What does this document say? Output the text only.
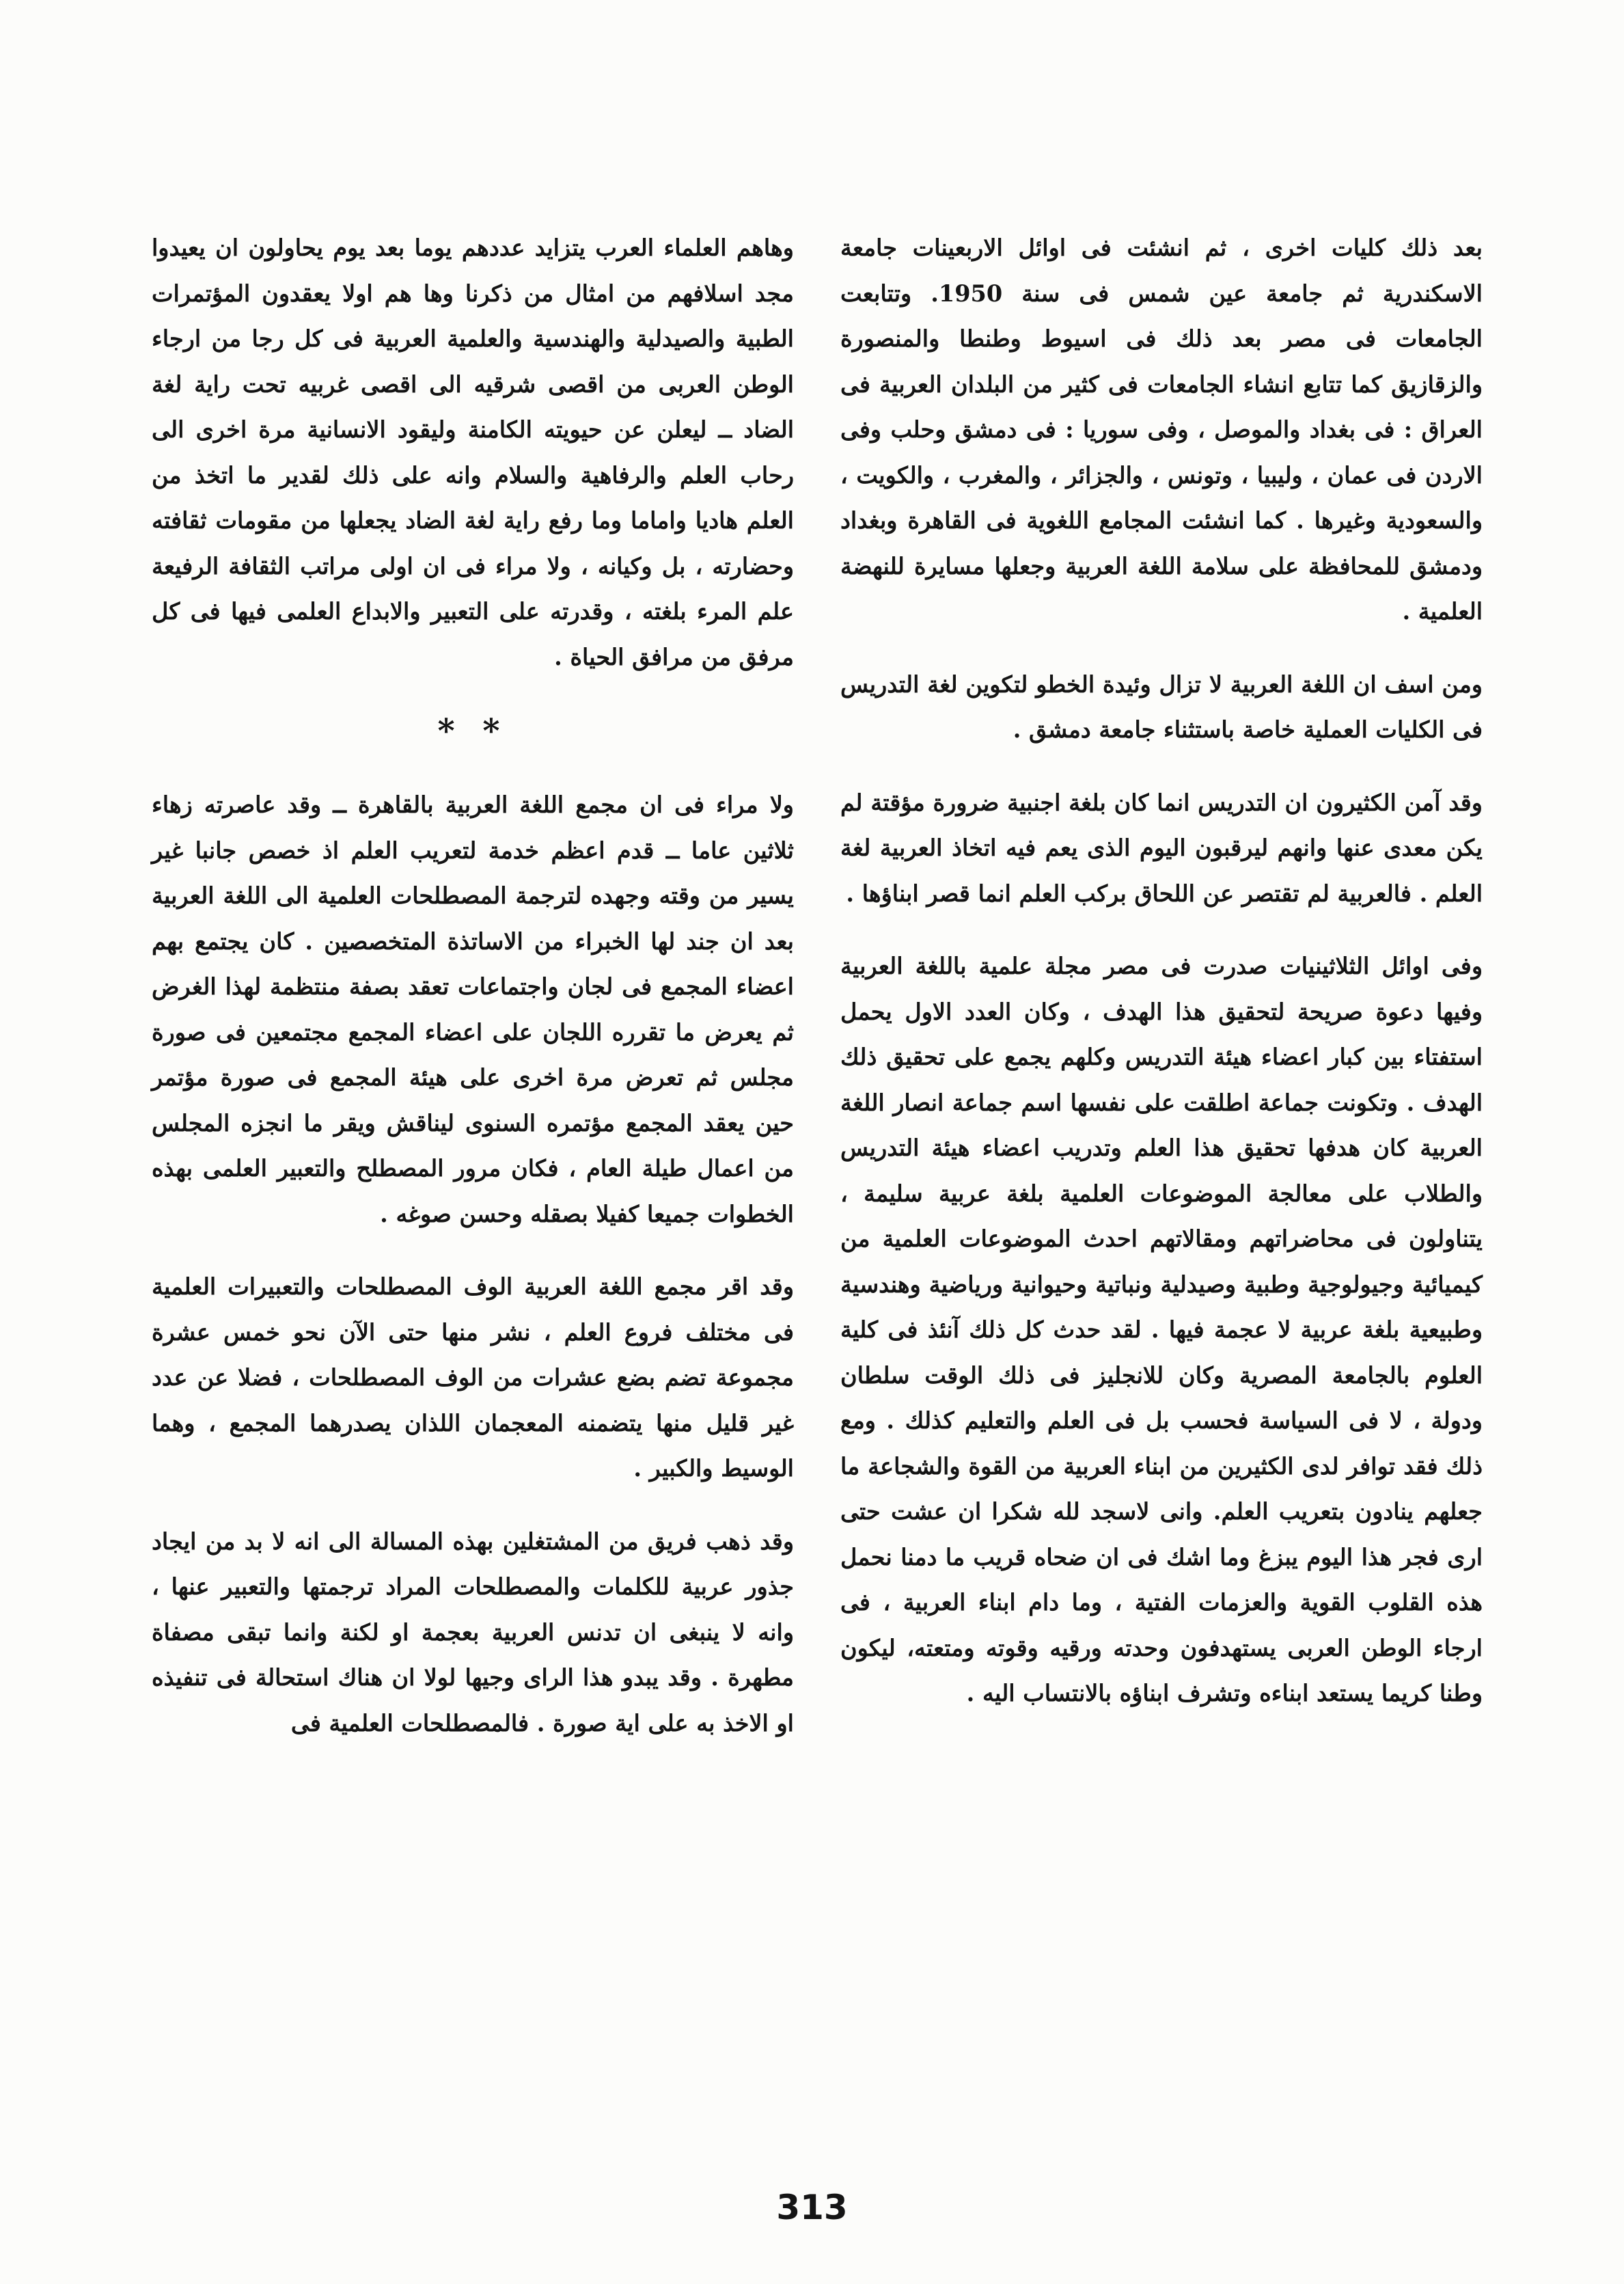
بعد ذلك كليات اخرى ، ثم انشئت فى اوائل الاربعينات جامعة الاسكندرية ثم جامعة عين شمس فى سنة 1950. وتتابعت الجامعات فى مصر بعد ذلك فى اسيوط وطنطا والمنصورة والزقازيق كما تتابع انشاء الجامعات فى كثير من البلدان العربية فى العراق : فى بغداد والموصل ، وفى سوريا : فى دمشق وحلب وفى الاردن فى عمان ، وليبيا ، وتونس ، والجزائر ، والمغرب ، والكويت ، والسعودية وغيرها . كما انشئت المجامع اللغوية فى القاهرة وبغداد ودمشق للمحافظة على سلامة اللغة العربية وجعلها مسايرة للنهضة العلمية .

ومن اسف ان اللغة العربية لا تزال وئيدة الخطو لتكوين لغة التدريس فى الكليات العملية خاصة باستثناء جامعة دمشق .

وقد آمن الكثيرون ان التدريس انما كان بلغة اجنبية ضرورة مؤقتة لم يكن معدى عنها وانهم ليرقبون اليوم الذى يعم فيه اتخاذ العربية لغة العلم . فالعربية لم تقتصر عن اللحاق بركب العلم انما قصر ابناؤها .

وفى اوائل الثلاثينيات صدرت فى مصر مجلة علمية باللغة العربية وفيها دعوة صريحة لتحقيق هذا الهدف ، وكان العدد الاول يحمل استفتاء بين كبار اعضاء هيئة التدريس وكلهم يجمع على تحقيق ذلك الهدف . وتكونت جماعة اطلقت على نفسها اسم جماعة انصار اللغة العربية كان هدفها تحقيق هذا العلم وتدريب اعضاء هيئة التدريس والطلاب على معالجة الموضوعات العلمية بلغة عربية سليمة ، يتناولون فى محاضراتهم ومقالاتهم احدث الموضوعات العلمية من كيميائية وجيولوجية وطبية وصيدلية ونباتية وحيوانية ورياضية وهندسية وطبيعية بلغة عربية لا عجمة فيها . لقد حدث كل ذلك آنئذ فى كلية العلوم بالجامعة المصرية وكان للانجليز فى ذلك الوقت سلطان ودولة ، لا فى السياسة فحسب بل فى العلم والتعليم كذلك . ومع ذلك فقد توافر لدى الكثيرين من ابناء العربية من القوة والشجاعة ما جعلهم ينادون بتعريب العلم. وانى لاسجد لله شكرا ان عشت حتى ارى فجر هذا اليوم يبزغ وما اشك فى ان ضحاه قريب ما دمنا نحمل هذه القلوب القوية والعزمات الفتية ، وما دام ابناء العربية ، فى ارجاء الوطن العربى يستهدفون وحدته ورقيه وقوته ومتعته، ليكون وطنا كريما يستعد ابناءه وتشرف ابناؤه بالانتساب اليه .

وهاهم العلماء العرب يتزايد عددهم يوما بعد يوم يحاولون ان يعيدوا مجد اسلافهم من امثال من ذكرنا وها هم اولا يعقدون المؤتمرات الطبية والصيدلية والهندسية والعلمية العربية فى كل رجا من ارجاء الوطن العربى من اقصى شرقيه الى اقصى غربيه تحت راية لغة الضاد ــ ليعلن عن حيويته الكامنة وليقود الانسانية مرة اخرى الى رحاب العلم والرفاهية والسلام وانه على ذلك لقدير ما اتخذ من العلم هاديا واماما وما رفع راية لغة الضاد يجعلها من مقومات ثقافته وحضارته ، بل وكيانه ، ولا مراء فى ان اولى مراتب الثقافة الرفيعة علم المرء بلغته ، وقدرته على التعبير والابداع العلمى فيها فى كل مرفق من مرافق الحياة .

* *

ولا مراء فى ان مجمع اللغة العربية بالقاهرة ــ وقد عاصرته زهاء ثلاثين عاما ــ قدم اعظم خدمة لتعريب العلم اذ خصص جانبا غير يسير من وقته وجهده لترجمة المصطلحات العلمية الى اللغة العربية بعد ان جند لها الخبراء من الاساتذة المتخصصين . كان يجتمع بهم اعضاء المجمع فى لجان واجتماعات تعقد بصفة منتظمة لهذا الغرض ثم يعرض ما تقرره اللجان على اعضاء المجمع مجتمعين فى صورة مجلس ثم تعرض مرة اخرى على هيئة المجمع فى صورة مؤتمر حين يعقد المجمع مؤتمره السنوى ليناقش ويقر ما انجزه المجلس من اعمال طيلة العام ، فكان مرور المصطلح والتعبير العلمى بهذه الخطوات جميعا كفيلا بصقله وحسن صوغه .

وقد اقر مجمع اللغة العربية الوف المصطلحات والتعبيرات العلمية فى مختلف فروع العلم ، نشر منها حتى الآن نحو خمس عشرة مجموعة تضم بضع عشرات من الوف المصطلحات ، فضلا عن عدد غير قليل منها يتضمنه المعجمان اللذان يصدرهما المجمع ، وهما الوسيط والكبير .

وقد ذهب فريق من المشتغلين بهذه المسالة الى انه لا بد من ايجاد جذور عربية للكلمات والمصطلحات المراد ترجمتها والتعبير عنها ، وانه لا ينبغى ان تدنس العربية بعجمة او لكنة وانما تبقى مصفاة مطهرة . وقد يبدو هذا الراى وجيها لولا ان هناك استحالة فى تنفيذه او الاخذ به على اية صورة . فالمصطلحات العلمية فى

313
